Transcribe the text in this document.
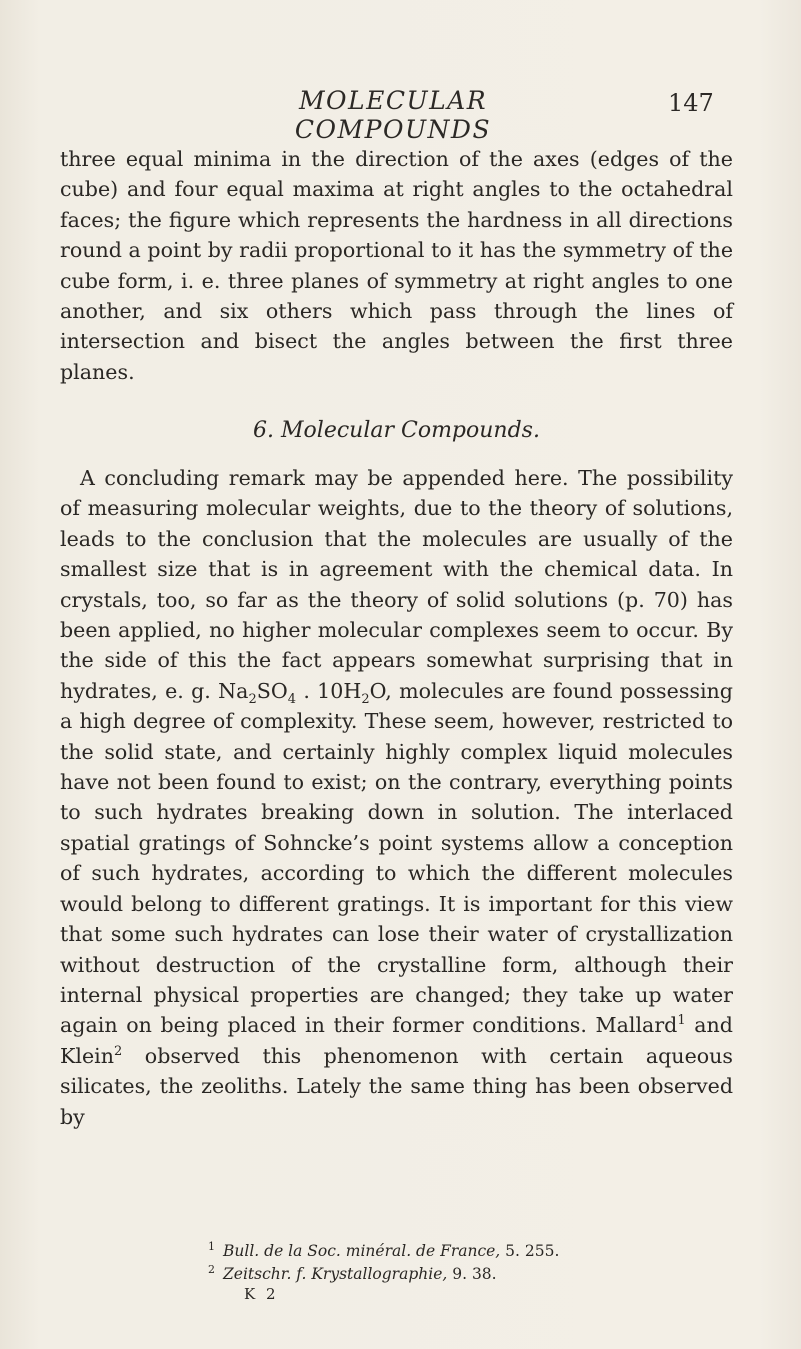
MOLECULAR COMPOUNDS
147

three equal minima in the direction of the axes (edges of the cube) and four equal maxima at right angles to the octahedral faces; the figure which represents the hardness in all directions round a point by radii proportional to it has the symmetry of the cube form, i. e. three planes of symmetry at right angles to one another, and six others which pass through the lines of intersection and bisect the angles between the first three planes.

6. Molecular Compounds.

A concluding remark may be appended here. The possibility of measuring molecular weights, due to the theory of solutions, leads to the conclusion that the molecules are usually of the smallest size that is in agreement with the chemical data. In crystals, too, so far as the theory of solid solutions (p. 70) has been applied, no higher molecular complexes seem to occur. By the side of this the fact appears somewhat surprising that in hydrates, e. g. $Na_2SO_4$ . $10H_2O$, molecules are found possessing a high degree of complexity. These seem, however, restricted to the solid state, and certainly highly complex liquid molecules have not been found to exist; on the contrary, everything points to such hydrates breaking down in solution. The interlaced spatial gratings of Sohncke’s point systems allow a conception of such hydrates, according to which the different molecules would belong to different gratings. It is important for this view that some such hydrates can lose their water of crystallization without destruction of the crystalline form, although their internal physical properties are changed; they take up water again on being placed in their former conditions. Mallard$^1$ and Klein$^2$ observed this phenomenon with certain aqueous silicates, the zeoliths. Lately the same thing has been observed by

$^1$ Bull. de la Soc. minéral. de France, 5. 255.
$^2$ Zeitschr. f. Krystallographie, 9. 38.
K 2
